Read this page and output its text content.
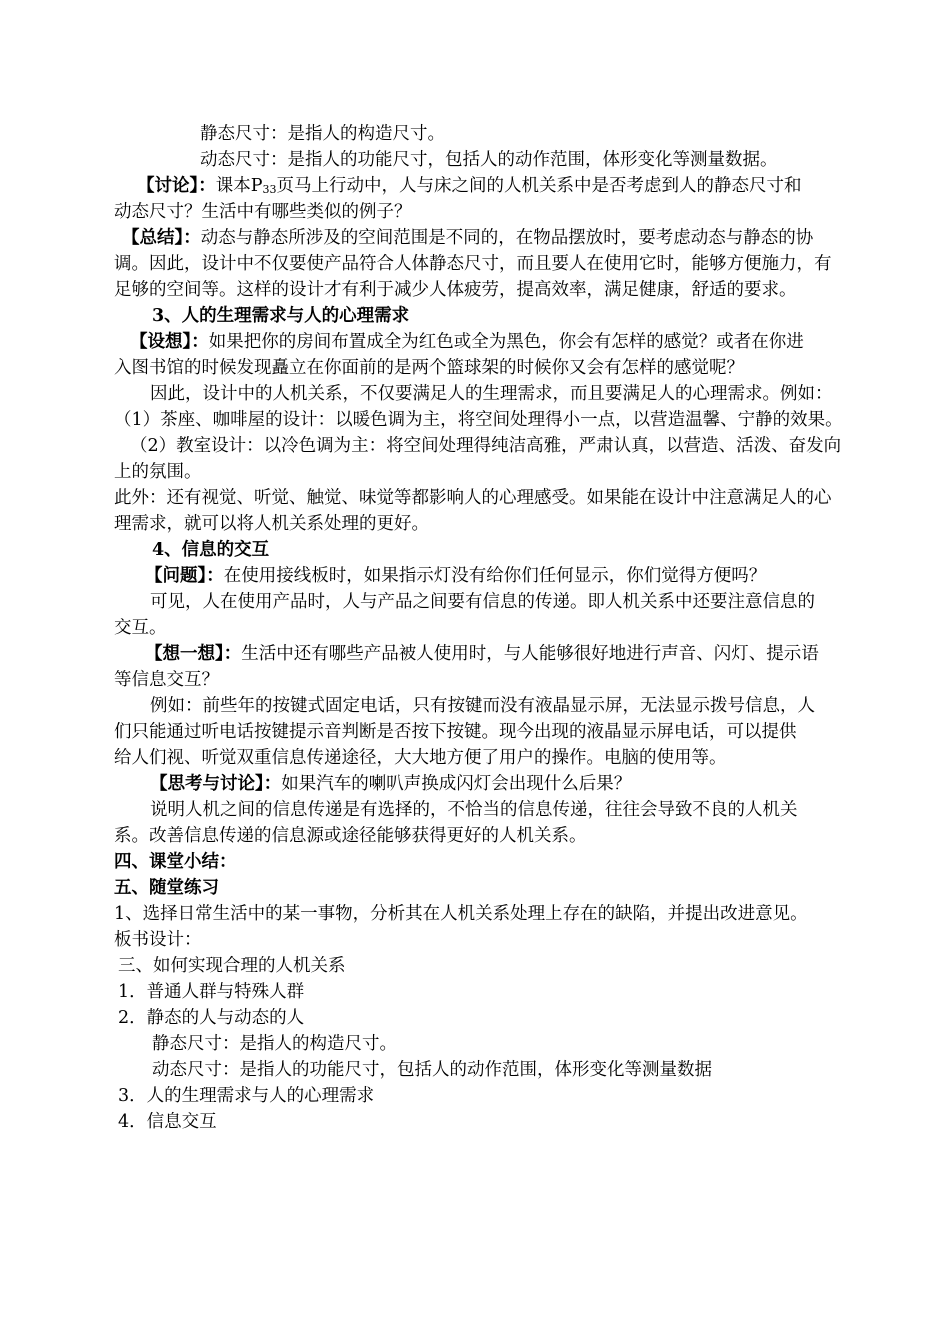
静态尺寸：是指人的构造尺寸。
动态尺寸：是指人的功能尺寸，包括人的动作范围，体形变化等测量数据。
【讨论】：课本$P_{33}$页马上行动中，人与床之间的人机关系中是否考虑到人的静态尺寸和
动态尺寸？生活中有哪些类似的例子？
【总结】：动态与静态所涉及的空间范围是不同的，在物品摆放时，要考虑动态与静态的协
调。因此，设计中不仅要使产品符合人体静态尺寸，而且要人在使用它时，能够方便施力，有
足够的空间等。这样的设计才有利于减少人体疲劳，提高效率，满足健康，舒适的要求。
3、人的生理需求与人的心理需求
【设想】：如果把你的房间布置成全为红色或全为黑色，你会有怎样的感觉？或者在你进
入图书馆的时候发现矗立在你面前的是两个篮球架的时候你又会有怎样的感觉呢？
因此，设计中的人机关系，不仅要满足人的生理需求，而且要满足人的心理需求。例如：
（1）茶座、咖啡屋的设计：以暖色调为主，将空间处理得小一点，以营造温馨、宁静的效果。
（2）教室设计：以冷色调为主：将空间处理得纯洁高雅，严肃认真，以营造、活泼、奋发向
上的氛围。
此外：还有视觉、听觉、触觉、味觉等都影响人的心理感受。如果能在设计中注意满足人的心
理需求，就可以将人机关系处理的更好。
4、信息的交互
【问题】：在使用接线板时，如果指示灯没有给你们任何显示，你们觉得方便吗？
可见，人在使用产品时，人与产品之间要有信息的传递。即人机关系中还要注意信息的
交互。
【想一想】：生活中还有哪些产品被人使用时，与人能够很好地进行声音、闪灯、提示语
等信息交互？
例如：前些年的按键式固定电话，只有按键而没有液晶显示屏，无法显示拨号信息，人
们只能通过听电话按键提示音判断是否按下按键。现今出现的液晶显示屏电话，可以提供
给人们视、听觉双重信息传递途径，大大地方便了用户的操作。电脑的使用等。
【思考与讨论】：如果汽车的喇叭声换成闪灯会出现什么后果？
说明人机之间的信息传递是有选择的，不恰当的信息传递，往往会导致不良的人机关
系。改善信息传递的信息源或途径能够获得更好的人机关系。
四、课堂小结：
五、随堂练习
1、选择日常生活中的某一事物，分析其在人机关系处理上存在的缺陷，并提出改进意见。
板书设计：
三、如何实现合理的人机关系
1．普通人群与特殊人群
2．静态的人与动态的人
静态尺寸：是指人的构造尺寸。
动态尺寸：是指人的功能尺寸，包括人的动作范围，体形变化等测量数据
3．人的生理需求与人的心理需求
4．信息交互
